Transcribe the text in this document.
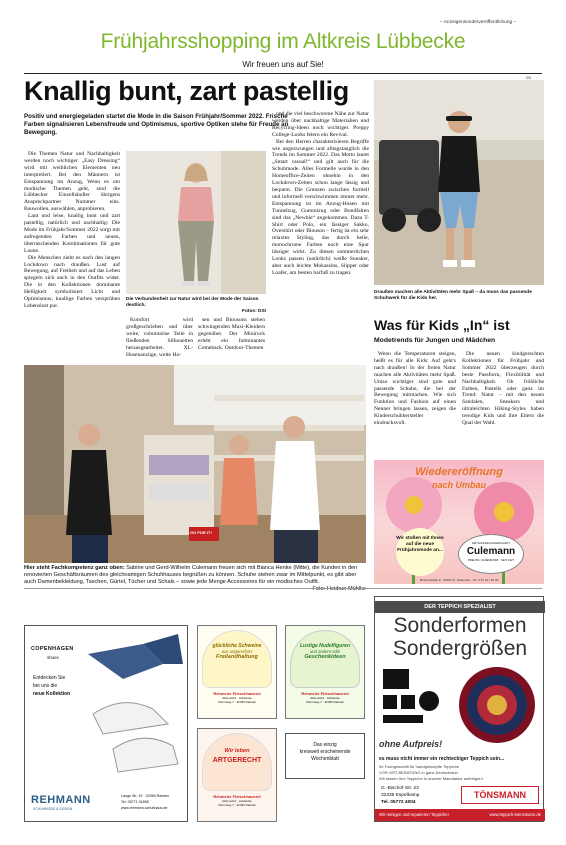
– Anzeigensonderveröffentlichung –
Frühjahrsshopping im Altkreis Lübbecke
Wir freuen uns auf Sie!
Knallig bunt, zart pastellig
Positiv und energiegeladen startet die Mode in die Saison Frühjahr/Sommer 2022. Frische Farben signalisieren Lebensfreude und Optimismus, sportive Optiken stehe für Freude an Bewegung.

Die Themen Natur und Nachhaltigkeit werden noch wichtiger. „Easy Dressing“ wird mit weiblichen Elementen neu interpretiert. Bei den Männern ist Entspannung im Anzug, Wenn es um modische Themen geht, sind die Lübbecker Einzelhändler übrigens Ansprechpartner Nummer eins. Bauwollen, auswählen, anprobieren.

Laut und leise, knallig bunt und zart pastellig, natürlich und nachhaltig: Die Mode im Frühjahr/Sommer 2022 sorgt mit aufregenden Farben und neuen, überraschenden Kombinationen für gute Laune.

Die Menschen zieht es nach den langen Lockdown nach draußen. Lust auf Bewegung, auf Freiheit und auf das Leben spiegeln sich auch in den Outfits wider. Die in den Kollektionen dominante Helligkeit symbolisiert Licht und Optimismus; knallige Farben versprühen Lebenslust pur.

Die Verbundenheit zur Natur wird bei der Mode der Saison deutlich.
Fotos: DSI

Komfort wird großgeschrieben und über weite, voluminöse Teile in fließenden Silhouetten herausgearbeitet. XL-Hosenanzüge, weite Ho-

sen und Blousons stehen schwingenden Maxi-Kleidern gegenüber. Der Minirock erlebt ein fulminantes Comeback. Outdoor-Themen

und die viel beschworene Nähe zur Natur werden über nachhaltige Materialien und Recycling-Ideen noch wichtiger. Preppy College-Looks feiern ein Revival.

Bei den Herren charakterisieren Begriffe wie ungezwungen und alltagstauglich die Trends im Sommer 2022. Das Motto lautet „Smart casual!“ und gilt auch für die Schuhmode. Alles Formelle wurde in den Homeoffice-Zeiten ohnehin in den Lockdown-Zeiten schon lange lässig und bequem. Die Grenzen zwischen formell und informell verschwimmen immer mehr. Entspannung ist im Anzug-Hosen mit Tunnelzug, Gummizug oder Bundfalten sind das „Newbie“ angekommen. Dazu T-Shirt oder Polo, ein lässiger Sakko, Overshirt oder Blouson – fertig ist ein sehr relaxtes Styling, das durch helle, monochrome Farben noch eine Spur lässiger wirkt. Zu diesen sommerlichen Looks passen (natürlich) weiße Sneaker, aber auch leichte Mokassins, Slipper oder Loafer, am besten barfuß zu tragen.

DSI
Draußen machen alle Aktivitäten mehr Spaß – da muss das passende Schuhwerk für die Kids her.
Was für Kids „In“ ist
Modetrends für Jungen und Mädchen

Wenn die Temperaturen steigen, heißt es für alle Kids: Auf geht's nach draußen! In der freien Natur machen alle Aktivitäten mehr Spaß. Umso wichtiger sind gute und passende Schuhe, die bei der Bewegung mitmachen. Wie sich Funktion und Fashion auf einen Nenner bringen lassen, zeigen die Kinderschuhhersteller eindrucksvoll.

Die neuen kindgerechten Kollektionen für Frühjahr und Sommer 2022 überzeugen durch beste Passform, Flexibilität und Nachhaltigkeit. Ob fröhliche Farben, Pastells oder ganz im Trend: Natur – mit den neuen Sandalen, Sneakers und ultraleichten Hiking-Styles haben trendige Kids und ihre Eltern die Qual der Wahl.

GO FOR IT!
Hier steht Fachkompetenz ganz oben: Sabine und Gerd-Wilhelm Culemann freuen sich mit Bianca Henke (Mitte), die Kunden in den renovierten Geschäftsräumen des gleichnamigen Schuhhauses begrüßen zu können. Schuhe stehen zwar im Mittelpunkt, es gibt aber auch Damenbekleidung, Taschen, Gürtel, Tücher und Schals – sowie jede Menge Accessoires für ein modisches Outfit.
Foto: Heidrun Mühlke
Wiedereröffnung
nach Umbau
Wir stoßen mit Ihnen auf die neue Frühjahrsmode an...
IHR SCHUHFACHGESCHÄFT
Culemann
PREUSS. OLDENDORF · SEIT 1927
Mühlenstraße 8 · 32361 Pr. Oldendorf · Tel. 0 57 42 / 49 34
COPENHAGEN
shoes
Entdecken Sie
bei uns die
neue Kollektion
REHMANN
SCHUHMODE & DESIGN
Lange Str. 19 · 32369 Rahden
Tel. 05771 91898
www.rehmann-schuhhaus.de
glückliche Schweine
aus artgerechter
Freilandhaltung
Rehmeier Fleischhauerei
Aktionshof · Lübbecke
Ahornweg 7 · 32369 Rahden
Lustige Nudelfiguren
und andere tolle
Geschenkideen
Rehmeier Fleischhauerei
Aktionshof · Lübbecke
Ahornweg 7 · 32369 Rahden
Wir leben
ARTGERECHT
Rehmeier Fleischhauerei
Aktionshof · Lübbecke
Ahornweg 7 · 32369 Rahden
Das einzig
kreisweit erscheinende
Wochenblatt
DER TEPPICH SPEZIALIST
Sonderformen
Sondergrößen
ohne Aufpreis!
es muss nicht immer ein rechteckiger Teppich sein...
Ihr Fachgeschäft für handgeknüpfte Teppiche
VOR-ORT-BERATUNG in ganz Deutschland
Wir lassen Ihre Teppiche in unserer Manufaktur anfertigen!
G.-Bischof-Str. 23
32339 Espelkamp
Tel. 05772 4004
TÖNSMANN
Wir reinigen und reparieren Teppiche!	www.teppich-toensmann.de
